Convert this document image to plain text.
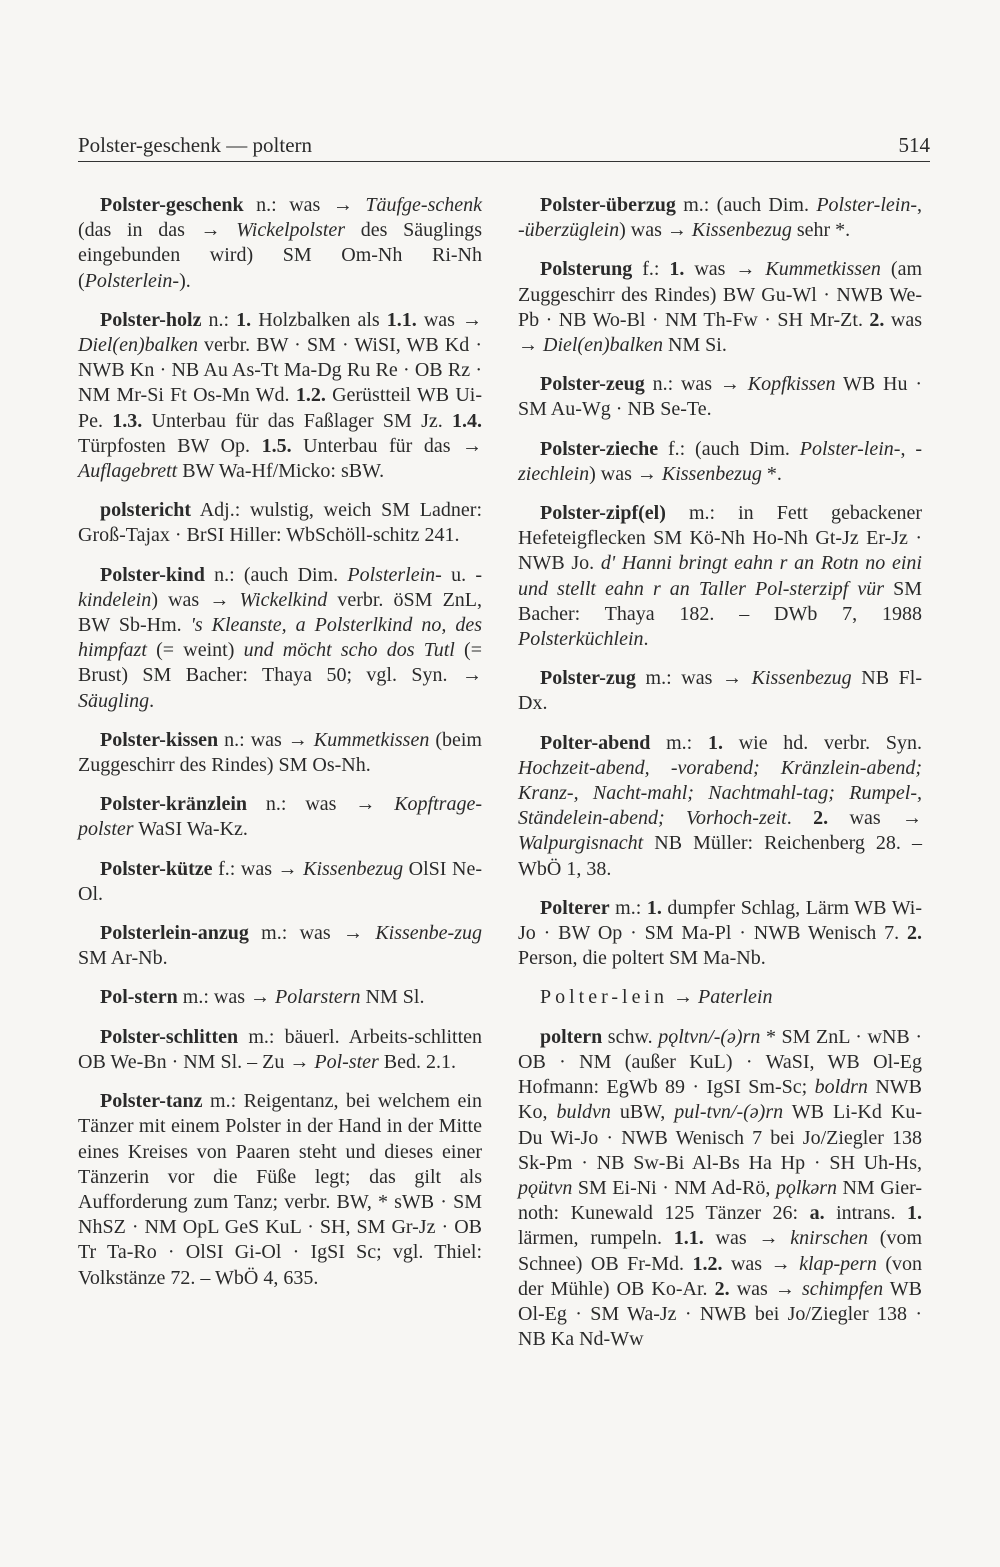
Polster-geschenk — poltern	514

Polster-geschenk n.: was → Täufge-schenk (das in das → Wickelpolster des Säuglings eingebunden wird) SM Om-Nh Ri-Nh (Polsterlein-).

Polster-holz n.: 1. Holzbalken als 1.1. was → Diel(en)balken verbr. BW · SM · WiSI, WB Kd · NWB Kn · NB Au As-Tt Ma-Dg Ru Re · OB Rz · NM Mr-Si Ft Os-Mn Wd. 1.2. Gerüstteil WB Ui-Pe. 1.3. Unterbau für das Faßlager SM Jz. 1.4. Türpfosten BW Op. 1.5. Unterbau für das → Auflagebrett BW Wa-Hf/Micko: sBW.

polstericht Adj.: wulstig, weich SM Ladner: Groß-Tajax · BrSI Hiller: WbSchöll-schitz 241.

Polster-kind n.: (auch Dim. Polsterlein- u. -kindelein) was → Wickelkind verbr. öSM ZnL, BW Sb-Hm. 's Kleanste, a Polsterlkind no, des himpfazt (= weint) und möcht scho dos Tutl (= Brust) SM Bacher: Thaya 50; vgl. Syn. → Säugling.

Polster-kissen n.: was → Kummetkissen (beim Zuggeschirr des Rindes) SM Os-Nh.

Polster-kränzlein n.: was → Kopftrage-polster WaSI Wa-Kz.

Polster-kütze f.: was → Kissenbezug OlSI Ne-Ol.

Polsterlein-anzug m.: was → Kissenbe-zug SM Ar-Nb.

Pol-stern m.: was → Polarstern NM Sl.

Polster-schlitten m.: bäuerl. Arbeits-schlitten OB We-Bn · NM Sl. – Zu → Pol-ster Bed. 2.1.

Polster-tanz m.: Reigentanz, bei welchem ein Tänzer mit einem Polster in der Hand in der Mitte eines Kreises von Paaren steht und dieses einer Tänzerin vor die Füße legt; das gilt als Aufforderung zum Tanz; verbr. BW, * sWB · SM NhSZ · NM OpL GeS KuL · SH, SM Gr-Jz · OB Tr Ta-Ro · OlSI Gi-Ol · IgSI Sc; vgl. Thiel: Volkstänze 72. – WbÖ 4, 635.

Polster-überzug m.: (auch Dim. Polster-lein-, -überzüglein) was → Kissenbezug sehr *.

Polsterung f.: 1. was → Kummetkissen (am Zuggeschirr des Rindes) BW Gu-Wl · NWB We-Pb · NB Wo-Bl · NM Th-Fw · SH Mr-Zt. 2. was → Diel(en)balken NM Si.

Polster-zeug n.: was → Kopfkissen WB Hu · SM Au-Wg · NB Se-Te.

Polster-zieche f.: (auch Dim. Polster-lein-, -ziechlein) was → Kissenbezug *.

Polster-zipf(el) m.: in Fett gebackener Hefeteigflecken SM Kö-Nh Ho-Nh Gt-Jz Er-Jz · NWB Jo. d' Hanni bringt eahn r an Rotn no eini und stellt eahn r an Taller Pol-sterzipf vür SM Bacher: Thaya 182. – DWb 7, 1988 Polsterküchlein.

Polster-zug m.: was → Kissenbezug NB Fl-Dx.

Polter-abend m.: 1. wie hd. verbr. Syn. Hochzeit-abend, -vorabend; Kränzlein-abend; Kranz-, Nacht-mahl; Nachtmahl-tag; Rumpel-, Ständelein-abend; Vorhoch-zeit. 2. was → Walpurgisnacht NB Müller: Reichenberg 28. – WbÖ 1, 38.

Polterer m.: 1. dumpfer Schlag, Lärm WB Wi-Jo · BW Op · SM Ma-Pl · NWB Wenisch 7. 2. Person, die poltert SM Ma-Nb.

Polter-lein → Paterlein

poltern schw. pǫltvn/-(ə)rn * SM ZnL · wNB · OB · NM (außer KuL) · WaSI, WB Ol-Eg Hofmann: EgWb 89 · IgSI Sm-Sc; boldrn NWB Ko, buldvn uBW, pul-tvn/-(ə)rn WB Li-Kd Ku-Du Wi-Jo · NWB Wenisch 7 bei Jo/Ziegler 138 Sk-Pm · NB Sw-Bi Al-Bs Ha Hp · SH Uh-Hs, pǫütvn SM Ei-Ni · NM Ad-Rö, pǫlkərn NM Gier-noth: Kunewald 125 Tänzer 26: a. intrans. 1. lärmen, rumpeln. 1.1. was → knirschen (vom Schnee) OB Fr-Md. 1.2. was → klap-pern (von der Mühle) OB Ko-Ar. 2. was → schimpfen WB Ol-Eg · SM Wa-Jz · NWB bei Jo/Ziegler 138 · NB Ka Nd-Ww
